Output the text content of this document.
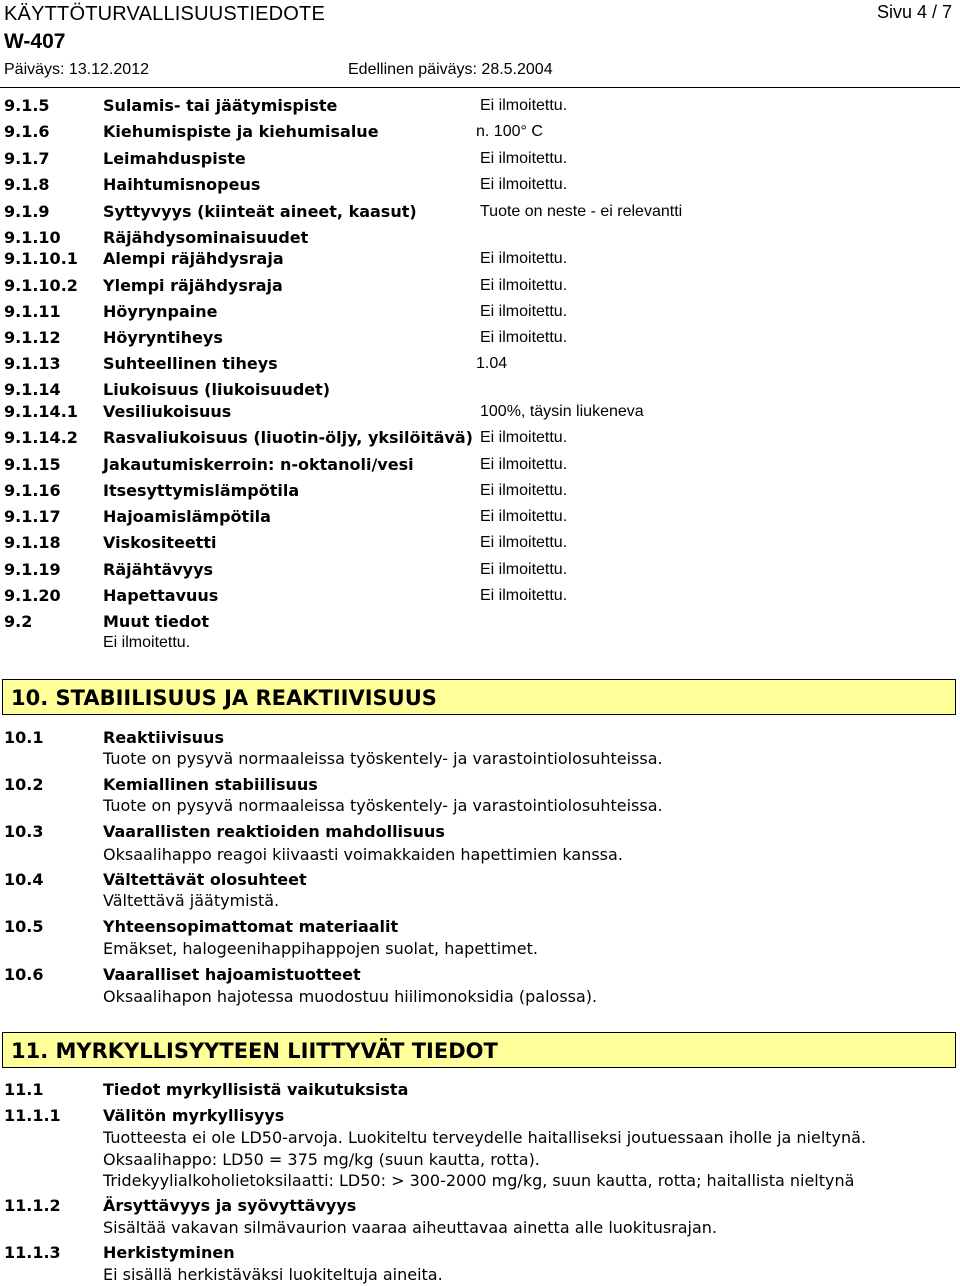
KÄYTTÖTURVALLISUUSTIEDOTE	Sivu 4 / 7
W-407
Päiväys: 13.12.2012	Edellinen päiväys: 28.5.2004
9.1.5	Sulamis- tai jäätymispiste	Ei ilmoitettu.
9.1.6	Kiehumispiste ja kiehumisalue	n. 100° C
9.1.7	Leimahduspiste	Ei ilmoitettu.
9.1.8	Haihtumisnopeus	Ei ilmoitettu.
9.1.9	Syttyvyys (kiinteät aineet, kaasut)	Tuote on neste - ei relevantti
9.1.10	Räjähdysominaisuudet
9.1.10.1 Alempi räjähdysraja	Ei ilmoitettu.
9.1.10.2 Ylempi räjähdysraja	Ei ilmoitettu.
9.1.11	Höyrynpaine	Ei ilmoitettu.
9.1.12	Höyryntiheys	Ei ilmoitettu.
9.1.13	Suhteellinen tiheys	1.04
9.1.14	Liukoisuus (liukoisuudet)
9.1.14.1 Vesiliukoisuus	100%, täysin liukeneva
9.1.14.2 Rasvaliukoisuus (liuotin-öljy, yksilöitävä) Ei ilmoitettu.
9.1.15	Jakautumiskerroin: n-oktanoli/vesi	Ei ilmoitettu.
9.1.16	Itsesyttymislämpötila	Ei ilmoitettu.
9.1.17	Hajoamislämpötila	Ei ilmoitettu.
9.1.18	Viskositeetti	Ei ilmoitettu.
9.1.19	Räjähtävyys	Ei ilmoitettu.
9.1.20	Hapettavuus	Ei ilmoitettu.
9.2	Muut tiedot
Ei ilmoitettu.
10. STABIILISUUS JA REAKTIIVISUUS
10.1	Reaktiivisuus
Tuote on pysyvä normaaleissa työskentely- ja varastointiolosuhteissa.
10.2	Kemiallinen stabiilisuus
Tuote on pysyvä normaaleissa työskentely- ja varastointiolosuhteissa.
10.3	Vaarallisten reaktioiden mahdollisuus
Oksaalihappo reagoi kiivaasti voimakkaiden hapettimien kanssa.
10.4	Vältettävät olosuhteet
Vältettävä jäätymistä.
10.5	Yhteensopimattomat materiaalit
Emäkset, halogeenihappihappojen suolat, hapettimet.
10.6	Vaaralliset hajoamistuotteet
Oksaalihapon hajotessa muodostuu hiilimonoksidia (palossa).
11. MYRKYLLISYYTEEN LIITTYVÄT TIEDOT
11.1	Tiedot myrkyllisistä vaikutuksista
11.1.1	Välitön myrkyllisyys
Tuotteesta ei ole LD50-arvoja. Luokiteltu terveydelle haitalliseksi joutuessaan iholle ja nieltynä.
Oksaalihappo: LD50 = 375 mg/kg (suun kautta, rotta).
Tridekyylialkoholietoksilaatti: LD50: > 300-2000 mg/kg, suun kautta, rotta; haitallista nieltynä
11.1.2	Ärsyttävyys ja syövyttävyys
Sisältää vakavan silmävaurion vaaraa aiheuttavaa ainetta alle luokitusrajan.
11.1.3	Herkistyminen
Ei sisällä herkistäväksi luokiteltuja aineita.
